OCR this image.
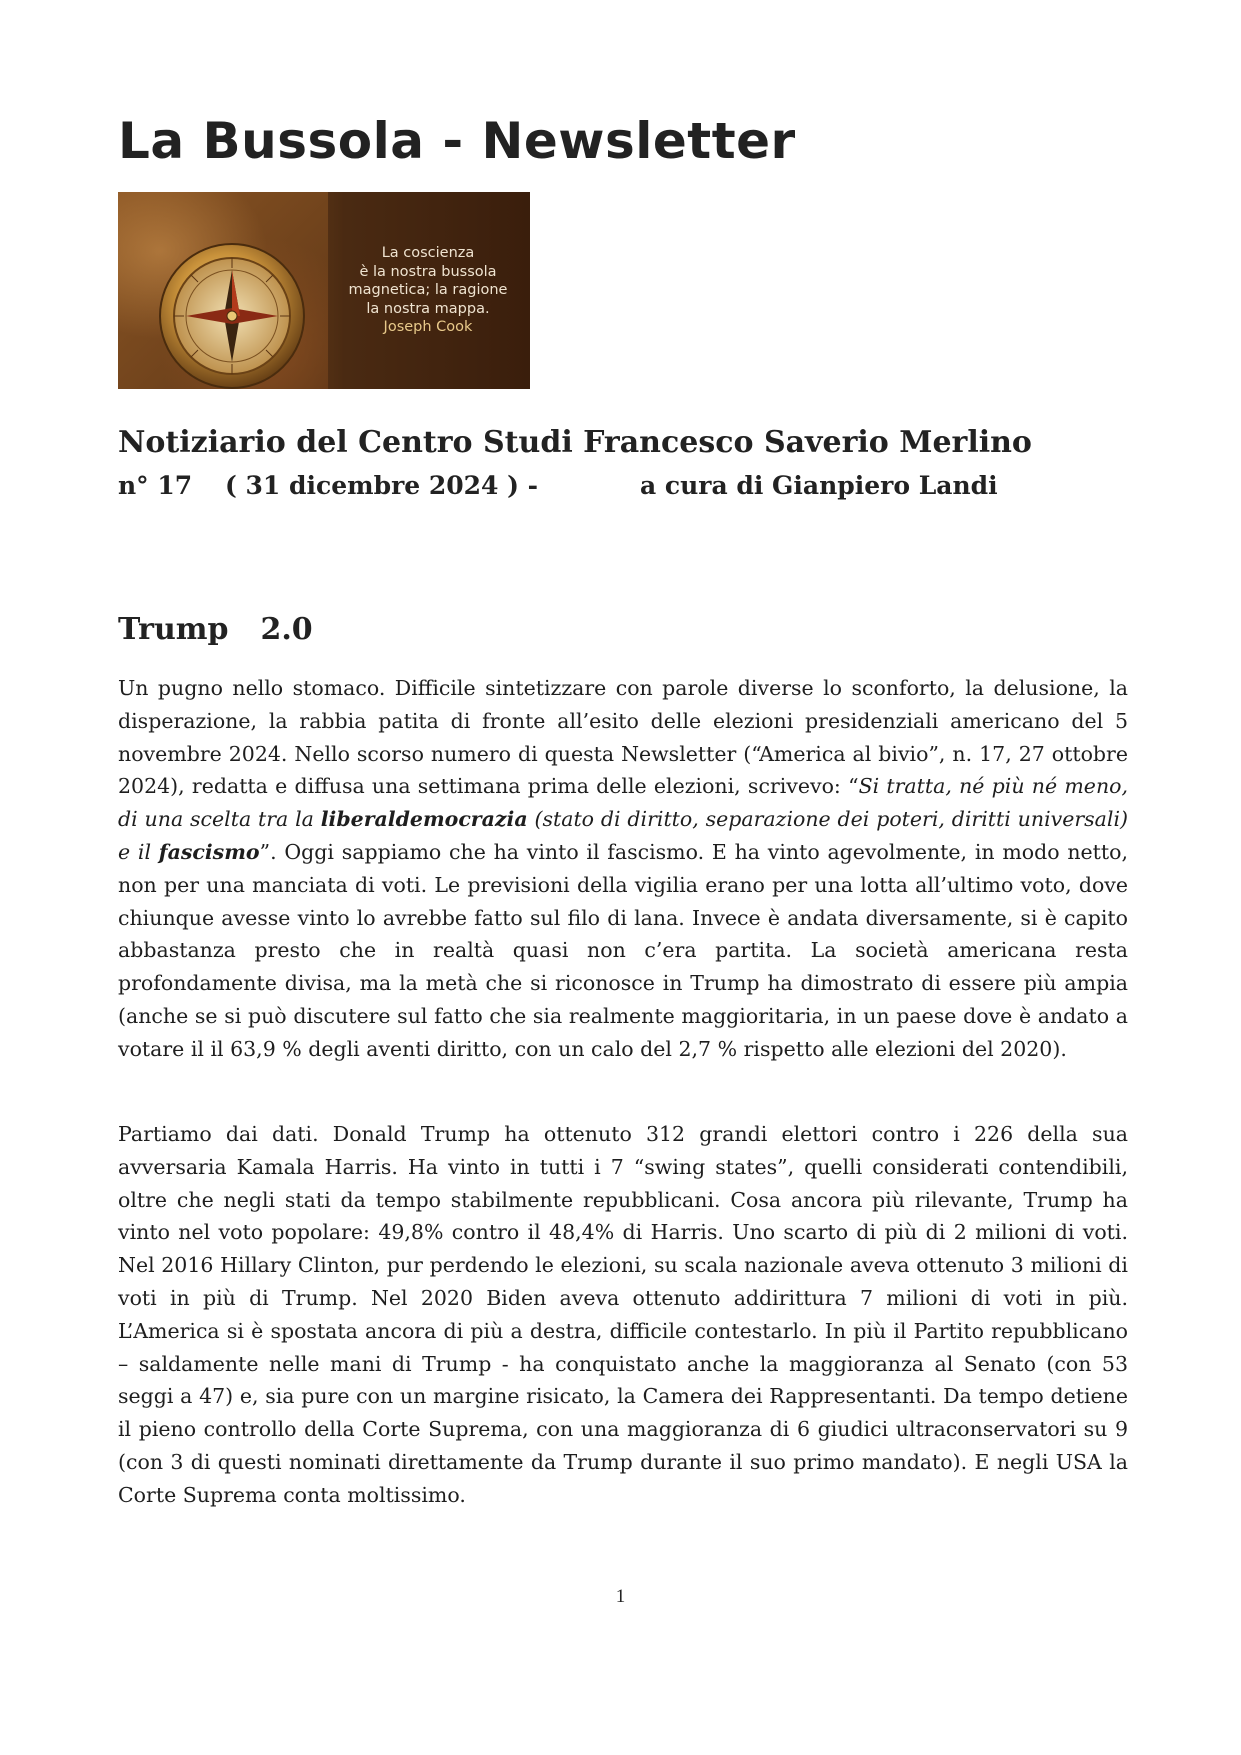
La Bussola - Newsletter
La coscienza
è la nostra bussola
magnetica; la ragione
la nostra mappa.
Joseph Cook
Notiziario del Centro Studi Francesco Saverio Merlino
n° 17 ( 31 dicembre 2024 ) -	a cura di Gianpiero Landi
Trump 2.0

Un pugno nello stomaco. Difficile sintetizzare con parole diverse lo sconforto, la delusione, la disperazione, la rabbia patita di fronte all’esito delle elezioni presidenziali americano del 5 novembre 2024. Nello scorso numero di questa Newsletter (“America al bivio”, n. 17, 27 ottobre 2024), redatta e diffusa una settimana prima delle elezioni, scrivevo: “Si tratta, né più né meno, di una scelta tra la liberaldemocrazia (stato di diritto, separazione dei poteri, diritti universali) e il fascismo”. Oggi sappiamo che ha vinto il fascismo. E ha vinto agevolmente, in modo netto, non per una manciata di voti. Le previsioni della vigilia erano per una lotta all’ultimo voto, dove chiunque avesse vinto lo avrebbe fatto sul filo di lana. Invece è andata diversamente, si è capito abbastanza presto che in realtà quasi non c’era partita. La società americana resta profondamente divisa, ma la metà che si riconosce in Trump ha dimostrato di essere più ampia (anche se si può discutere sul fatto che sia realmente maggioritaria, in un paese dove è andato a votare il il 63,9 % degli aventi diritto, con un calo del 2,7 % rispetto alle elezioni del 2020).

Partiamo dai dati. Donald Trump ha ottenuto 312 grandi elettori contro i 226 della sua avversaria Kamala Harris. Ha vinto in tutti i 7 “swing states”, quelli considerati contendibili, oltre che negli stati da tempo stabilmente repubblicani. Cosa ancora più rilevante, Trump ha vinto nel voto popolare: 49,8% contro il 48,4% di Harris. Uno scarto di più di 2 milioni di voti. Nel 2016 Hillary Clinton, pur perdendo le elezioni, su scala nazionale aveva ottenuto 3 milioni di voti in più di Trump. Nel 2020 Biden aveva ottenuto addirittura 7 milioni di voti in più. L’America si è spostata ancora di più a destra, difficile contestarlo. In più il Partito repubblicano – saldamente nelle mani di Trump - ha conquistato anche la maggioranza al Senato (con 53 seggi a 47) e, sia pure con un margine risicato, la Camera dei Rappresentanti. Da tempo detiene il pieno controllo della Corte Suprema, con una maggioranza di 6 giudici ultraconservatori su 9 (con 3 di questi nominati direttamente da Trump durante il suo primo mandato). E negli USA la Corte Suprema conta moltissimo.

1
